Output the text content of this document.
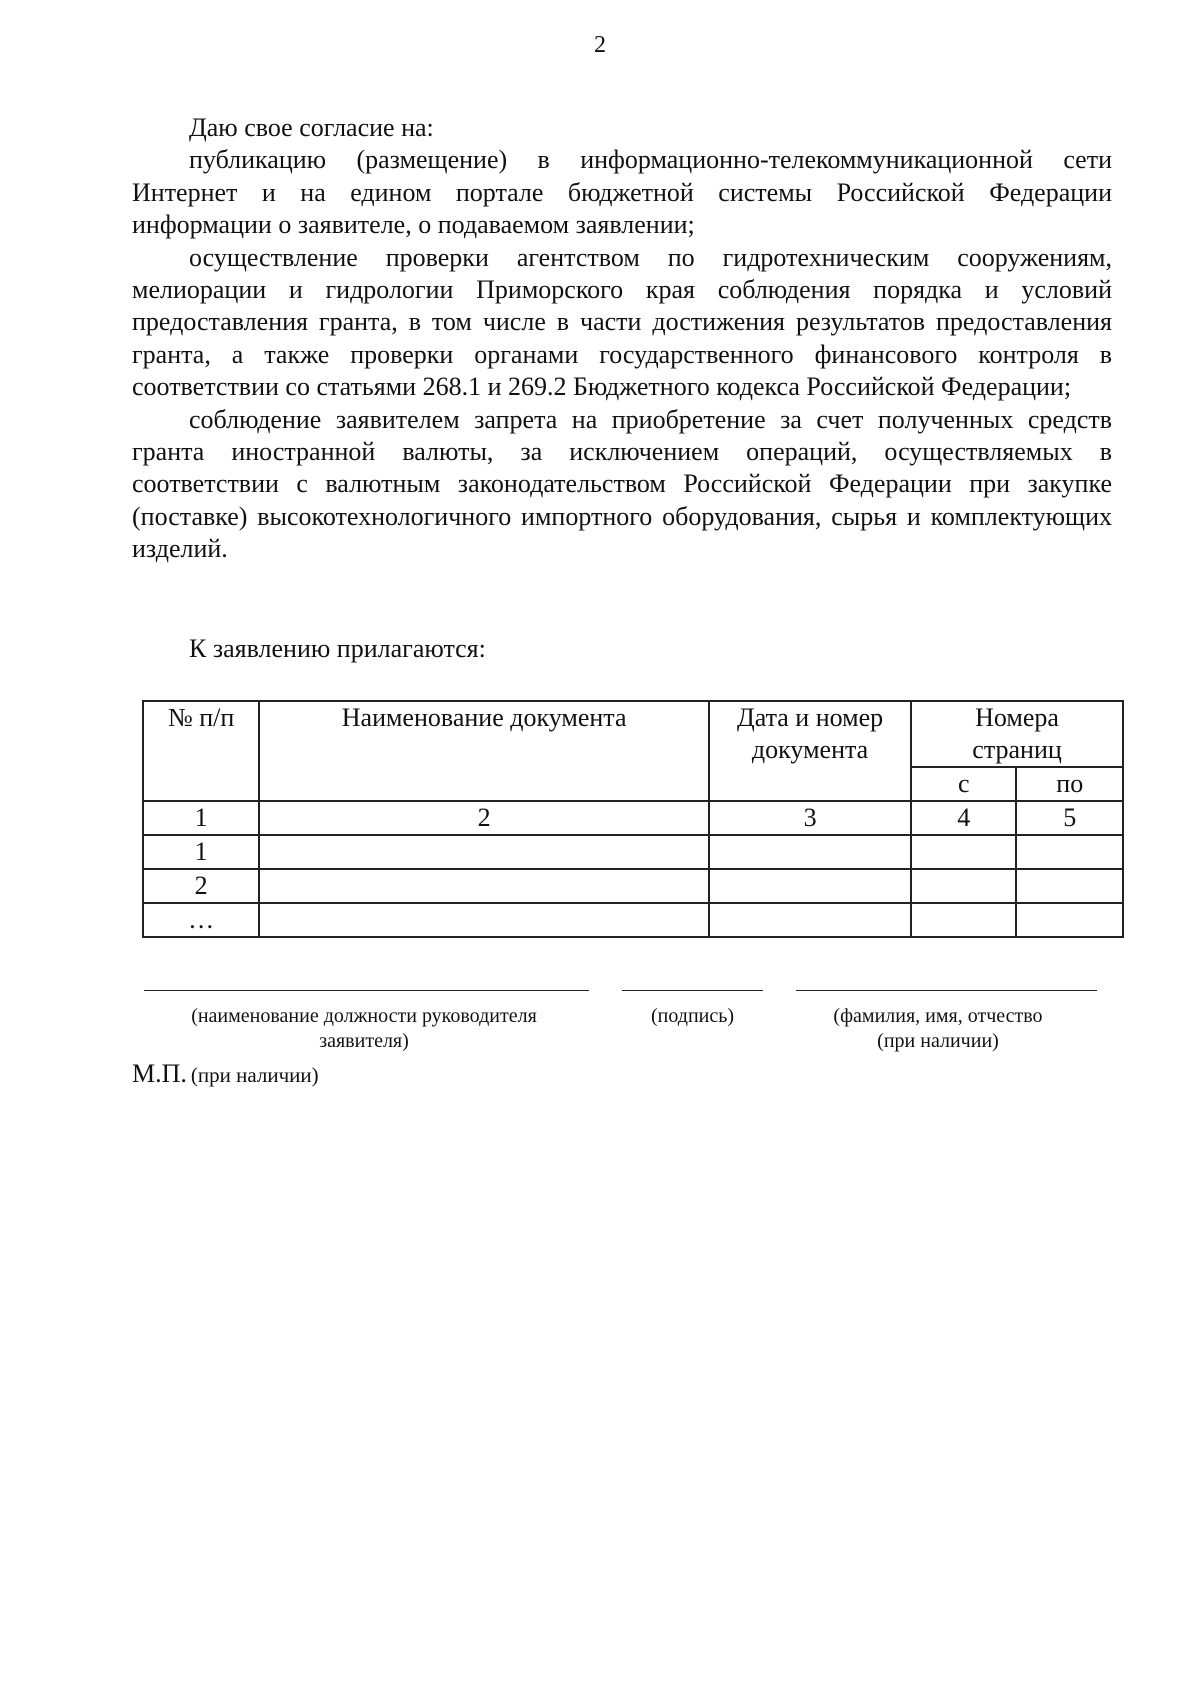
2

Даю свое согласие на:

публикацию (размещение) в информационно-телекоммуникационной сети Интернет и на едином портале бюджетной системы Российской Федерации информации о заявителе, о подаваемом заявлении;

осуществление проверки агентством по гидротехническим сооружениям, мелиорации и гидрологии Приморского края соблюдения порядка и условий предоставления гранта, в том числе в части достижения результатов предоставления гранта, а также проверки органами государственного финансового контроля в соответствии со статьями 268.1 и 269.2 Бюджетного кодекса Российской Федерации;

соблюдение заявителем запрета на приобретение за счет полученных средств гранта иностранной валюты, за исключением операций, осуществляемых в соответствии с валютным законодательством Российской Федерации при закупке (поставке) высокотехнологичного импортного оборудования, сырья и комплектующих изделий.

К заявлению прилагаются:
№ п/п	Наименование документа	Дата и номер документа	Номера страниц	
			с	по
1	2	3	4	5
1				
2				
…				
(наименование должности руководителя заявителя)
(подпись)	(фамилия, имя, отчество (при наличии)
М.П. (при наличии)
